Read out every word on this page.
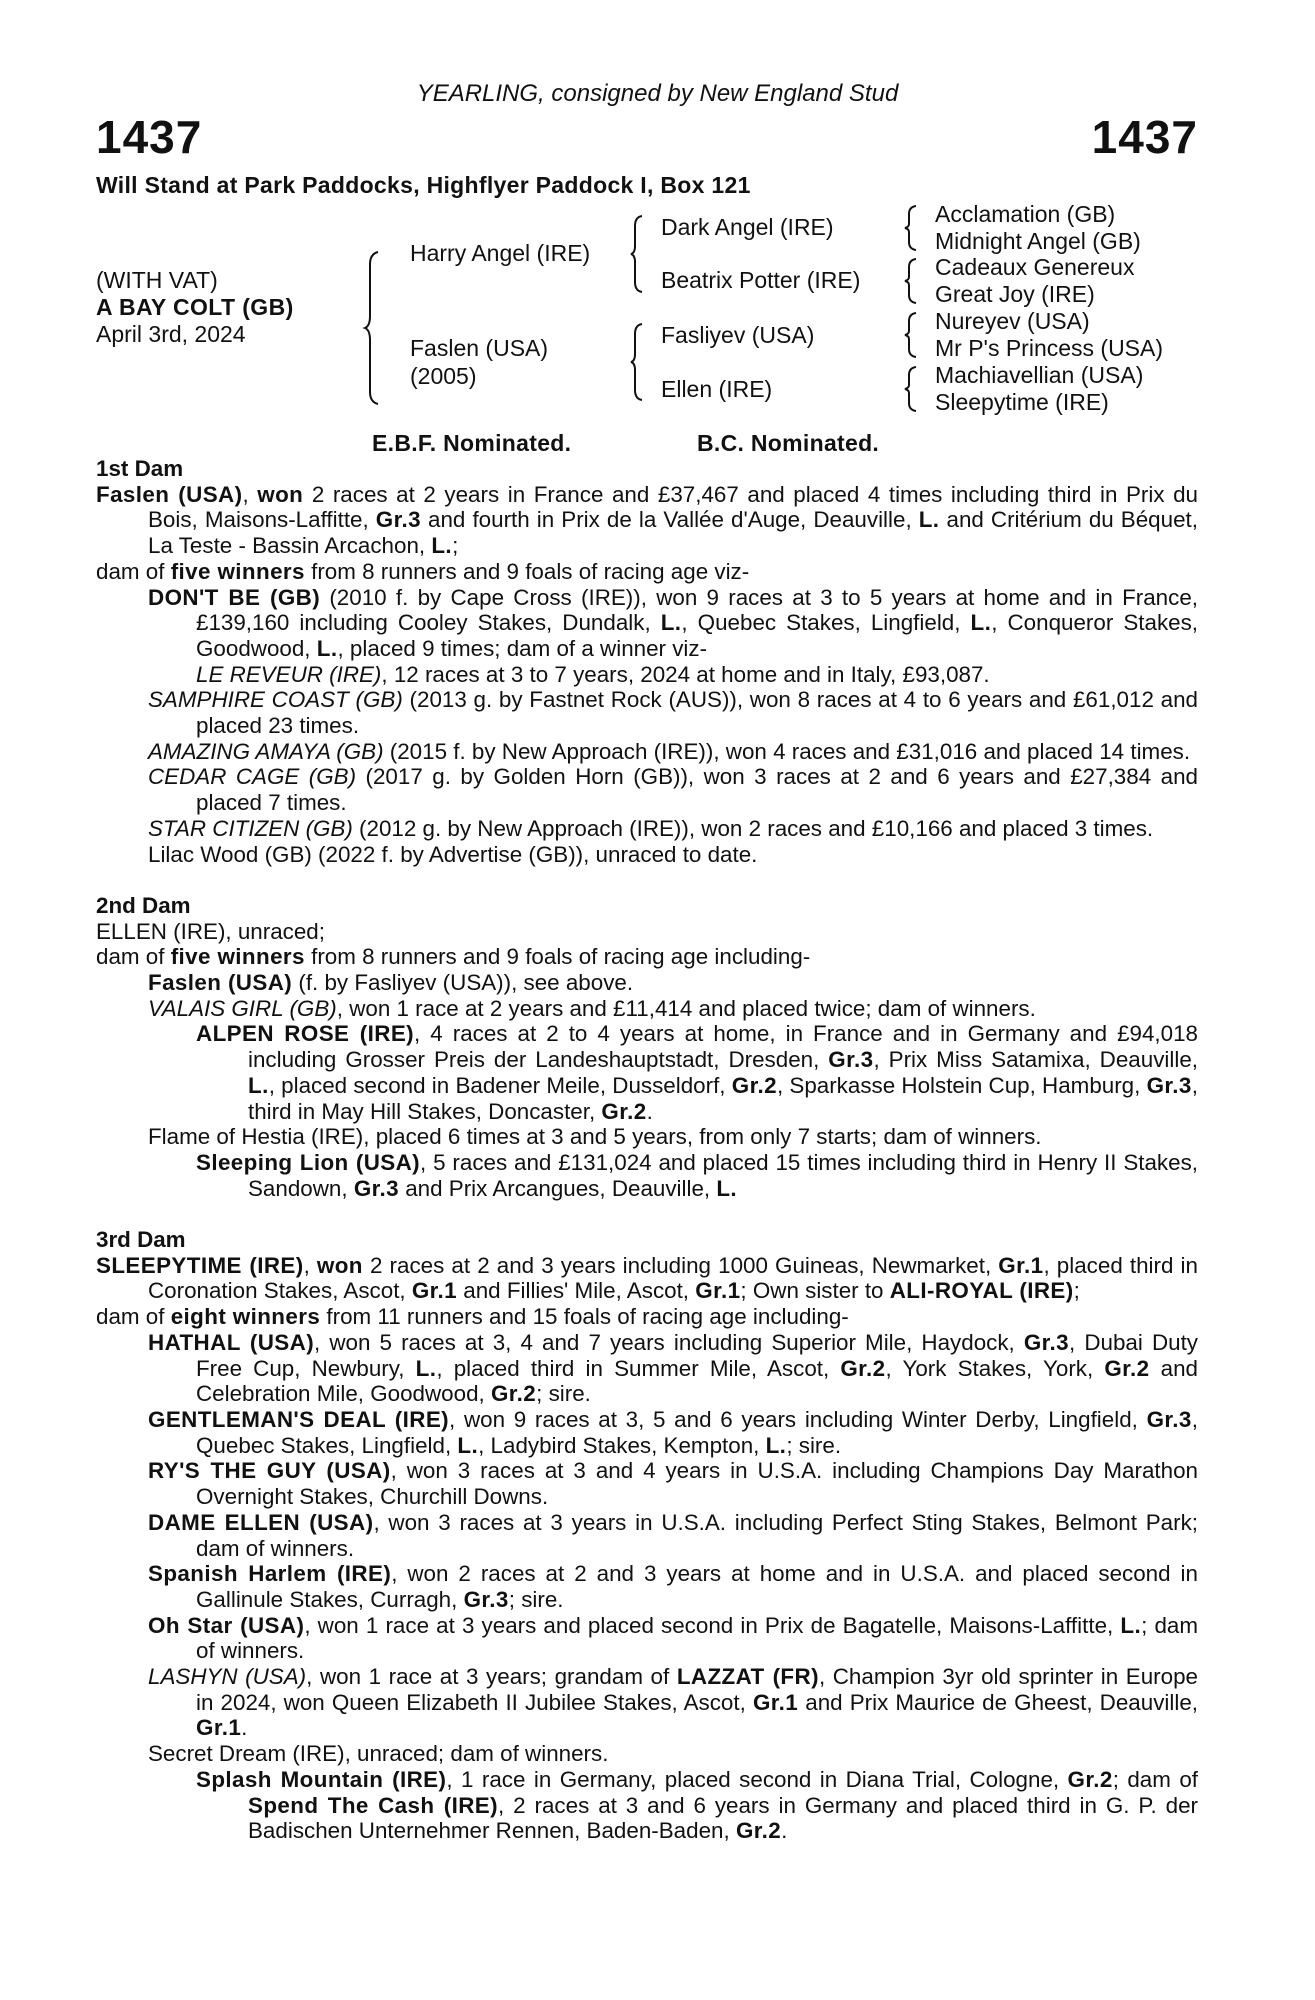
YEARLING, consigned by New England Stud
1437	1437
Will Stand at Park Paddocks, Highflyer Paddock I, Box 121
(WITH VAT)
A BAY COLT (GB)
April 3rd, 2024
Harry Angel (IRE)
Faslen (USA)
(2005)
Dark Angel (IRE)
Beatrix Potter (IRE)
Fasliyev (USA)
Ellen (IRE)
Acclamation (GB)
Midnight Angel (GB)
Cadeaux Genereux
Great Joy (IRE)
Nureyev (USA)
Mr P's Princess (USA)
Machiavellian (USA)
Sleepytime (IRE)
E.B.F. Nominated.	B.C. Nominated.
1st Dam
Faslen (USA), won 2 races at 2 years in France and £37,467 and placed 4 times including third in Prix du Bois, Maisons-Laffitte, Gr.3 and fourth in Prix de la Vallée d'Auge, Deauville, L. and Critérium du Béquet, La Teste - Bassin Arcachon, L.;
dam of five winners from 8 runners and 9 foals of racing age viz-
DON'T BE (GB) (2010 f. by Cape Cross (IRE)), won 9 races at 3 to 5 years at home and in France, £139,160 including Cooley Stakes, Dundalk, L., Quebec Stakes, Lingfield, L., Conqueror Stakes, Goodwood, L., placed 9 times; dam of a winner viz-
LE REVEUR (IRE), 12 races at 3 to 7 years, 2024 at home and in Italy, £93,087.
SAMPHIRE COAST (GB) (2013 g. by Fastnet Rock (AUS)), won 8 races at 4 to 6 years and £61,012 and placed 23 times.
AMAZING AMAYA (GB) (2015 f. by New Approach (IRE)), won 4 races and £31,016 and placed 14 times.
CEDAR CAGE (GB) (2017 g. by Golden Horn (GB)), won 3 races at 2 and 6 years and £27,384 and placed 7 times.
STAR CITIZEN (GB) (2012 g. by New Approach (IRE)), won 2 races and £10,166 and placed 3 times.
Lilac Wood (GB) (2022 f. by Advertise (GB)), unraced to date.
2nd Dam
ELLEN (IRE), unraced;
dam of five winners from 8 runners and 9 foals of racing age including-
Faslen (USA) (f. by Fasliyev (USA)), see above.
VALAIS GIRL (GB), won 1 race at 2 years and £11,414 and placed twice; dam of winners.
ALPEN ROSE (IRE), 4 races at 2 to 4 years at home, in France and in Germany and £94,018 including Grosser Preis der Landeshauptstadt, Dresden, Gr.3, Prix Miss Satamixa, Deauville, L., placed second in Badener Meile, Dusseldorf, Gr.2, Sparkasse Holstein Cup, Hamburg, Gr.3, third in May Hill Stakes, Doncaster, Gr.2.
Flame of Hestia (IRE), placed 6 times at 3 and 5 years, from only 7 starts; dam of winners.
Sleeping Lion (USA), 5 races and £131,024 and placed 15 times including third in Henry II Stakes, Sandown, Gr.3 and Prix Arcangues, Deauville, L.
3rd Dam
SLEEPYTIME (IRE), won 2 races at 2 and 3 years including 1000 Guineas, Newmarket, Gr.1, placed third in Coronation Stakes, Ascot, Gr.1 and Fillies' Mile, Ascot, Gr.1; Own sister to ALI-ROYAL (IRE);
dam of eight winners from 11 runners and 15 foals of racing age including-
HATHAL (USA), won 5 races at 3, 4 and 7 years including Superior Mile, Haydock, Gr.3, Dubai Duty Free Cup, Newbury, L., placed third in Summer Mile, Ascot, Gr.2, York Stakes, York, Gr.2 and Celebration Mile, Goodwood, Gr.2; sire.
GENTLEMAN'S DEAL (IRE), won 9 races at 3, 5 and 6 years including Winter Derby, Lingfield, Gr.3, Quebec Stakes, Lingfield, L., Ladybird Stakes, Kempton, L.; sire.
RY'S THE GUY (USA), won 3 races at 3 and 4 years in U.S.A. including Champions Day Marathon Overnight Stakes, Churchill Downs.
DAME ELLEN (USA), won 3 races at 3 years in U.S.A. including Perfect Sting Stakes, Belmont Park; dam of winners.
Spanish Harlem (IRE), won 2 races at 2 and 3 years at home and in U.S.A. and placed second in Gallinule Stakes, Curragh, Gr.3; sire.
Oh Star (USA), won 1 race at 3 years and placed second in Prix de Bagatelle, Maisons-Laffitte, L.; dam of winners.
LASHYN (USA), won 1 race at 3 years; grandam of LAZZAT (FR), Champion 3yr old sprinter in Europe in 2024, won Queen Elizabeth II Jubilee Stakes, Ascot, Gr.1 and Prix Maurice de Gheest, Deauville, Gr.1.
Secret Dream (IRE), unraced; dam of winners.
Splash Mountain (IRE), 1 race in Germany, placed second in Diana Trial, Cologne, Gr.2; dam of Spend The Cash (IRE), 2 races at 3 and 6 years in Germany and placed third in G. P. der Badischen Unternehmer Rennen, Baden-Baden, Gr.2.
